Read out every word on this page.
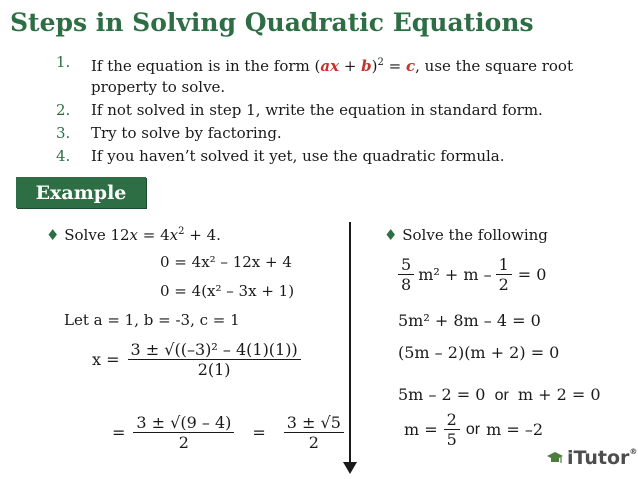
Steps in Solving Quadratic Equations
1.	If the equation is in the form (ax + b)$^2$ = c, use the square root property to solve.
2.	If not solved in step 1, write the equation in standard form.
3.	Try to solve by factoring.
4.	If you haven’t solved it yet, use the quadratic formula.
Example
♦ Solve $12x = 4x^2 + 4$.
0 = 4x² – 12x + 4
0 = 4(x² – 3x + 1)
Let a = 1, b = -3, c = 1
$x = \frac{\text{3 ± √((–3)² – 4(1)(1))}}{2(1)}$
= $\frac{3 \pm √(9 - 4)}{2} = \frac{3 \pm √5}{2}$
♦ Solve the following
$\frac{5}{8} m^2 + m - \frac{1}{2} = 0$
5m² + 8m – 4 = 0
(5m – 2)(m + 2) = 0
5m – 2 = 0 or m + 2 = 0
$m = \frac{2}{5}$ or m = –2
iTutor®
